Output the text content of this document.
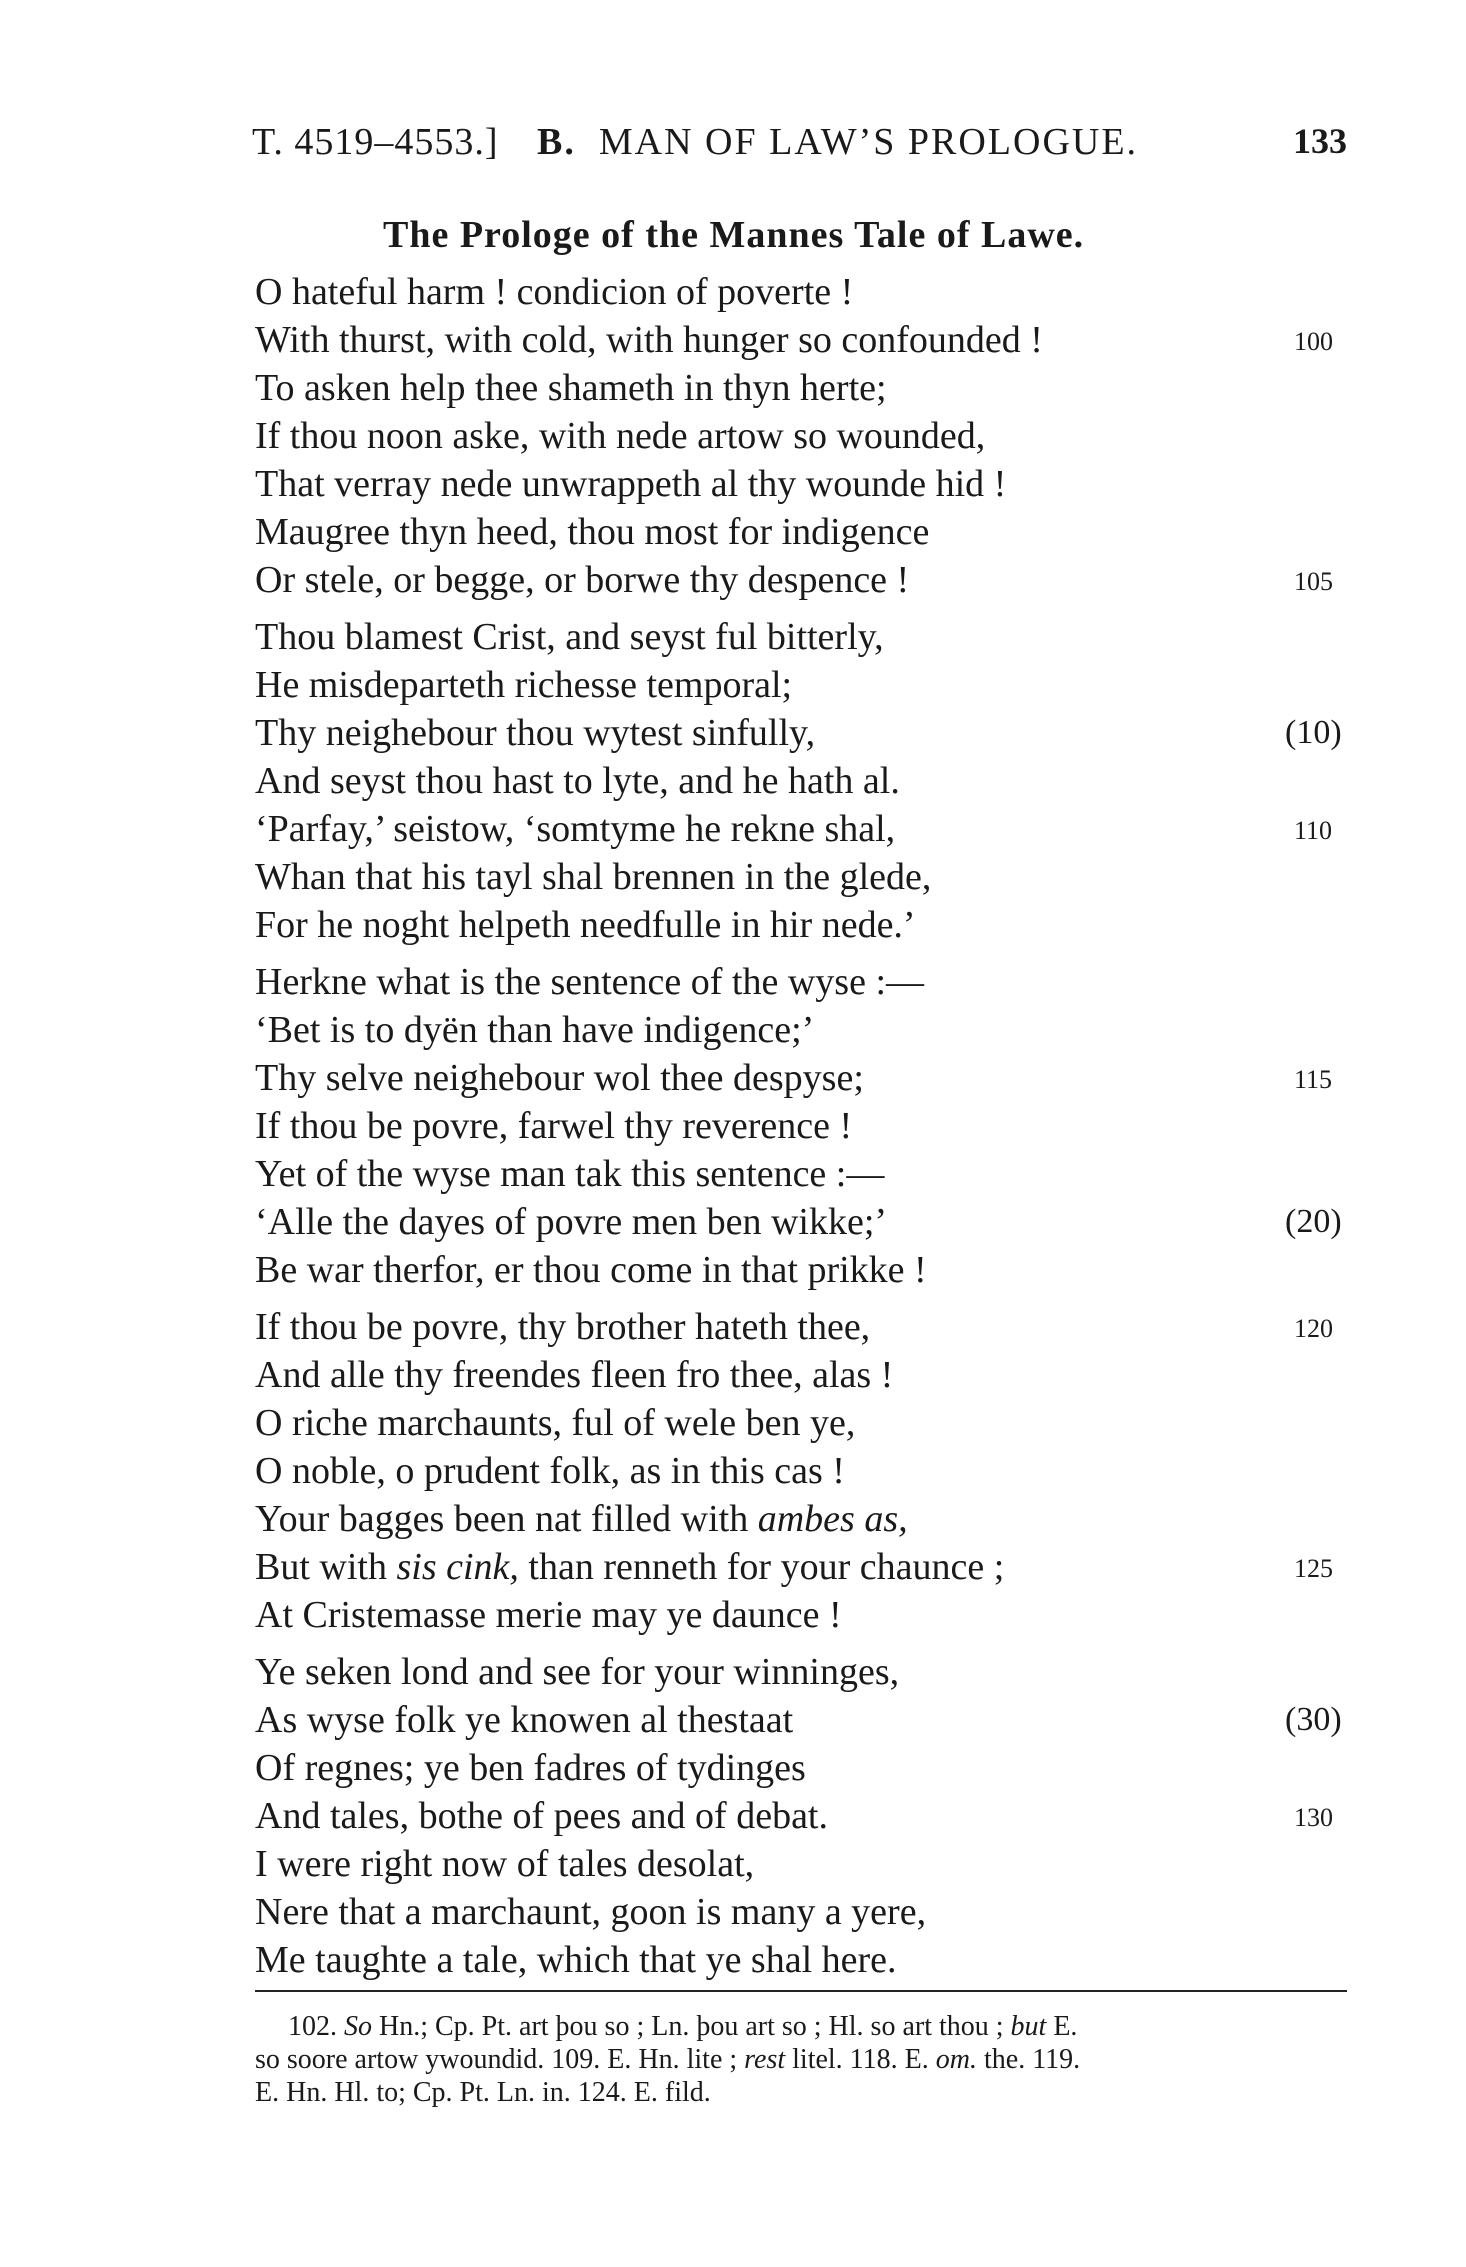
T. 4519–4553.] B. MAN OF LAW’S PROLOGUE.	133
The Prologe of the Mannes Tale of Lawe.
O hateful harm ! condicion of poverte !
With thurst, with cold, with hunger so confounded !	100
To asken help thee shameth in thyn herte;
If thou noon aske, with nede artow so wounded,
That verray nede unwrappeth al thy wounde hid !
Maugree thyn heed, thou most for indigence
Or stele, or begge, or borwe thy despence !	105
Thou blamest Crist, and seyst ful bitterly,
He misdeparteth richesse temporal;
Thy neighebour thou wytest sinfully,	(10)
And seyst thou hast to lyte, and he hath al.
‘Parfay,’ seistow, ‘somtyme he rekne shal,	110
Whan that his tayl shal brennen in the glede,
For he noght helpeth needfulle in hir nede.’
Herkne what is the sentence of the wyse :—
‘Bet is to dyën than have indigence;’
Thy selve neighebour wol thee despyse;	115
If thou be povre, farwel thy reverence !
Yet of the wyse man tak this sentence :—
‘Alle the dayes of povre men ben wikke;’	(20)
Be war therfor, er thou come in that prikke !
If thou be povre, thy brother hateth thee,	120
And alle thy freendes fleen fro thee, alas !
O riche marchaunts, ful of wele ben ye,
O noble, o prudent folk, as in this cas !
Your bagges been nat filled with ambes as,
But with sis cink, than renneth for your chaunce ;	125
At Cristemasse merie may ye daunce !
Ye seken lond and see for your winninges,
As wyse folk ye knowen al thestaat	(30)
Of regnes; ye ben fadres of tydinges
And tales, bothe of pees and of debat.	130
I were right now of tales desolat,
Nere that a marchaunt, goon is many a yere,
Me taughte a tale, which that ye shal here.
102. So Hn.; Cp. Pt. art þou so ; Ln. þou art so ; Hl. so art thou ; but E.
so soore artow ywoundid. 109. E. Hn. lite ; rest litel. 118. E. om. the. 119.
E. Hn. Hl. to; Cp. Pt. Ln. in. 124. E. fild.
